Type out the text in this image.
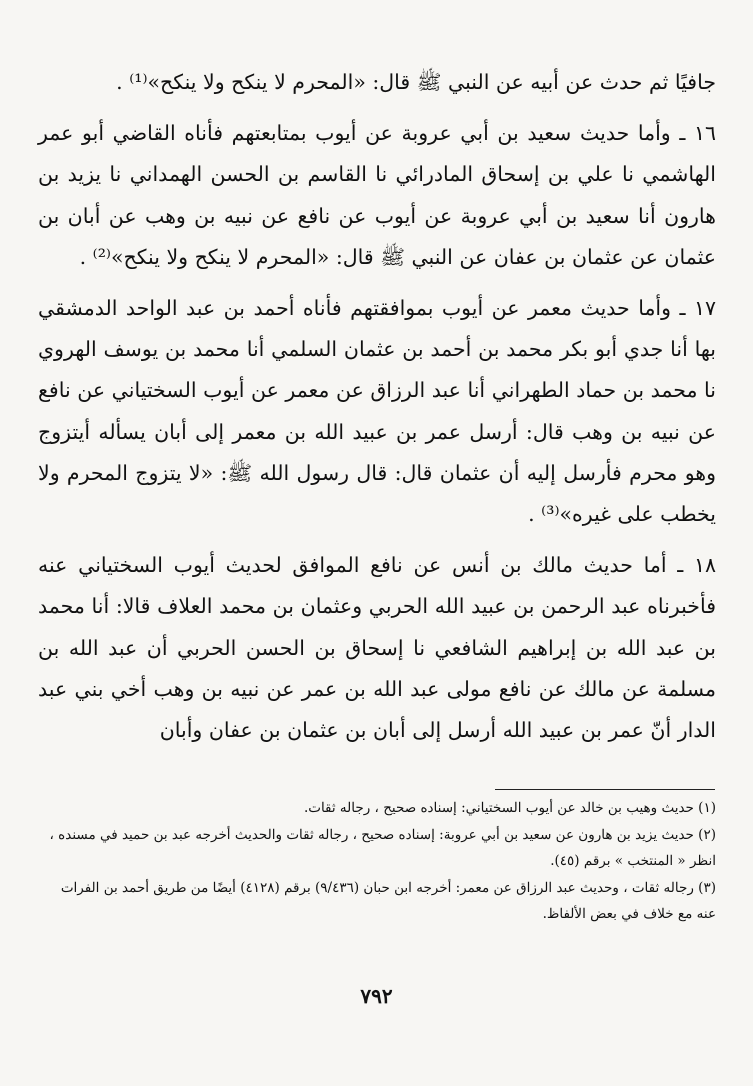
جافيًا ثم حدث عن أبيه عن النبي ﷺ قال: «المحرم لا ينكح ولا ينكح»⁽¹⁾ .

١٦ ـ وأما حديث سعيد بن أبي عروبة عن أيوب بمتابعتهم فأناه القاضي أبو عمر الهاشمي نا علي بن إسحاق المادرائي نا القاسم بن الحسن الهمداني نا يزيد بن هارون أنا سعيد بن أبي عروبة عن أيوب عن نافع عن نبيه بن وهب عن أبان بن عثمان عن عثمان بن عفان عن النبي ﷺ قال: «المحرم لا ينكح ولا ينكح»⁽²⁾ .

١٧ ـ وأما حديث معمر عن أيوب بموافقتهم فأناه أحمد بن عبد الواحد الدمشقي بها أنا جدي أبو بكر محمد بن أحمد بن عثمان السلمي أنا محمد بن يوسف الهروي نا محمد بن حماد الطهراني أنا عبد الرزاق عن معمر عن أيوب السختياني عن نافع عن نبيه بن وهب قال: أرسل عمر بن عبيد الله بن معمر إلى أبان يسأله أيتزوج وهو محرم فأرسل إليه أن عثمان قال: قال رسول الله ﷺ: «لا يتزوج المحرم ولا يخطب على غيره»⁽³⁾ .

١٨ ـ أما حديث مالك بن أنس عن نافع الموافق لحديث أيوب السختياني عنه فأخبرناه عبد الرحمن بن عبيد الله الحربي وعثمان بن محمد العلاف قالا: أنا محمد بن عبد الله بن إبراهيم الشافعي نا إسحاق بن الحسن الحربي أن عبد الله بن مسلمة عن مالك عن نافع مولى عبد الله بن عمر عن نبيه بن وهب أخي بني عبد الدار أنّ عمر بن عبيد الله أرسل إلى أبان بن عثمان بن عفان وأبان

(١) حديث وهيب بن خالد عن أيوب السختياني: إسناده صحيح ، رجاله ثقات.

(٢) حديث يزيد بن هارون عن سعيد بن أبي عروبة: إسناده صحيح ، رجاله ثقات والحديث أخرجه عبد بن حميد في مسنده ، انظر « المنتخب » برقم (٤٥).

(٣) رجاله ثقات ، وحديث عبد الرزاق عن معمر: أخرجه ابن حبان (٩/٤٣٦) برقم (٤١٢٨) أيضًا من طريق أحمد بن الفرات عنه مع خلاف في بعض الألفاظ.

٧٩٢
